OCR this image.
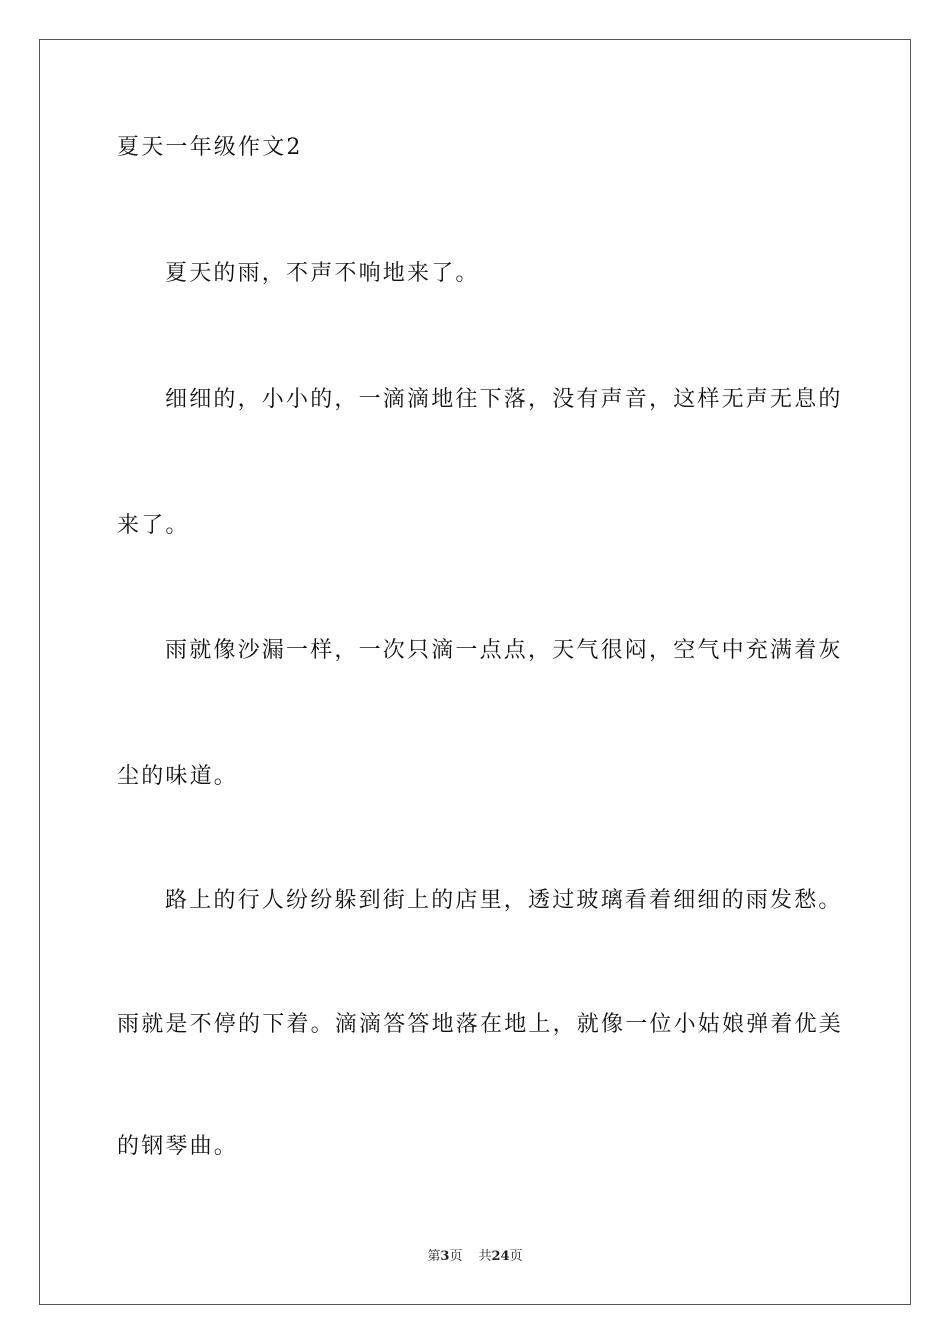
夏天一年级作文2
夏天的雨，不声不响地来了。
细细的，小小的，一滴滴地往下落，没有声音，这样无声无息的
来了。
雨就像沙漏一样，一次只滴一点点，天气很闷，空气中充满着灰
尘的味道。
路上的行人纷纷躲到街上的店里，透过玻璃看着细细的雨发愁。
雨就是不停的下着。滴滴答答地落在地上，就像一位小姑娘弹着优美
的钢琴曲。
第3页 共24页
